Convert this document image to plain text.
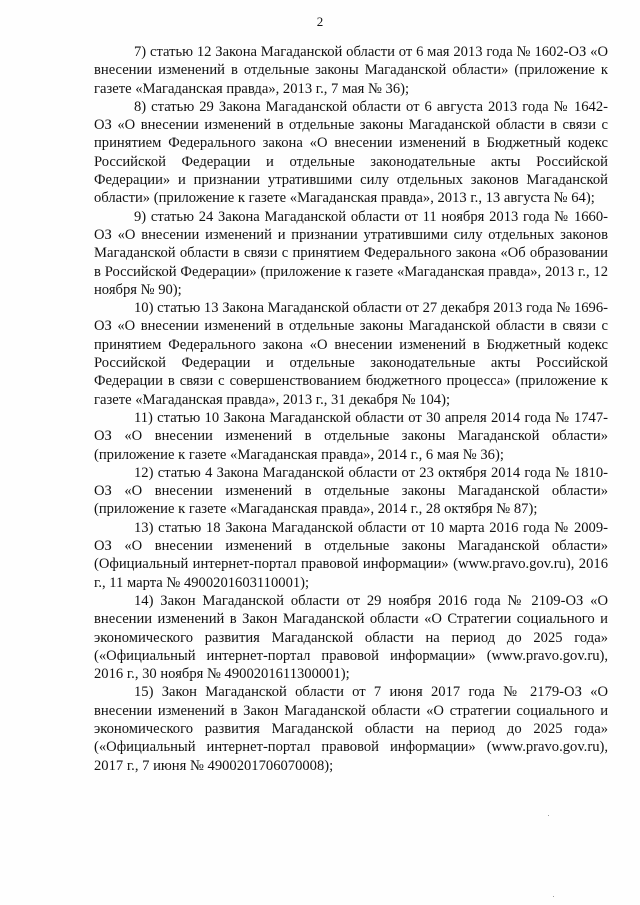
2

7) статью 12 Закона Магаданской области от 6 мая 2013 года № 1602-ОЗ «О внесении изменений в отдельные законы Магаданской области» (приложение к газете «Магаданская правда», 2013 г., 7 мая № 36);

8) статью 29 Закона Магаданской области от 6 августа 2013 года № 1642-ОЗ «О внесении изменений в отдельные законы Магаданской области в связи с принятием Федерального закона «О внесении изменений в Бюджетный кодекс Российской Федерации и отдельные законодательные акты Российской Федерации» и признании утратившими силу отдельных законов Магаданской области» (приложение к газете «Магаданская правда», 2013 г., 13 августа № 64);

9) статью 24 Закона Магаданской области от 11 ноября 2013 года № 1660-ОЗ «О внесении изменений и признании утратившими силу отдельных законов Магаданской области в связи с принятием Федерального закона «Об образовании в Российской Федерации» (приложение к газете «Магаданская правда», 2013 г., 12 ноября № 90);

10) статью 13 Закона Магаданской области от 27 декабря 2013 года № 1696-ОЗ «О внесении изменений в отдельные законы Магаданской области в связи с принятием Федерального закона «О внесении изменений в Бюджетный кодекс Российской Федерации и отдельные законодательные акты Российской Федерации в связи с совершенствованием бюджетного процесса» (приложение к газете «Магаданская правда», 2013 г., 31 декабря № 104);

11) статью 10 Закона Магаданской области от 30 апреля 2014 года № 1747-ОЗ «О внесении изменений в отдельные законы Магаданской области» (приложение к газете «Магаданская правда», 2014 г., 6 мая № 36);

12) статью 4 Закона Магаданской области от 23 октября 2014 года № 1810-ОЗ «О внесении изменений в отдельные законы Магаданской области» (приложение к газете «Магаданская правда», 2014 г., 28 октября № 87);

13) статью 18 Закона Магаданской области от 10 марта 2016 года № 2009-ОЗ «О внесении изменений в отдельные законы Магаданской области» (Официальный интернет-портал правовой информации» (www.pravo.gov.ru), 2016 г., 11 марта № 4900201603110001);

14) Закон Магаданской области от 29 ноября 2016 года № 2109-ОЗ «О внесении изменений в Закон Магаданской области «О Стратегии социального и экономического развития Магаданской области на период до 2025 года» («Официальный интернет-портал правовой информации» (www.pravo.gov.ru), 2016 г., 30 ноября № 4900201611300001);

15) Закон Магаданской области от 7 июня 2017 года № 2179-ОЗ «О внесении изменений в Закон Магаданской области «О стратегии социального и экономического развития Магаданской области на период до 2025 года» («Официальный интернет-портал правовой информации» (www.pravo.gov.ru), 2017 г., 7 июня № 4900201706070008);
